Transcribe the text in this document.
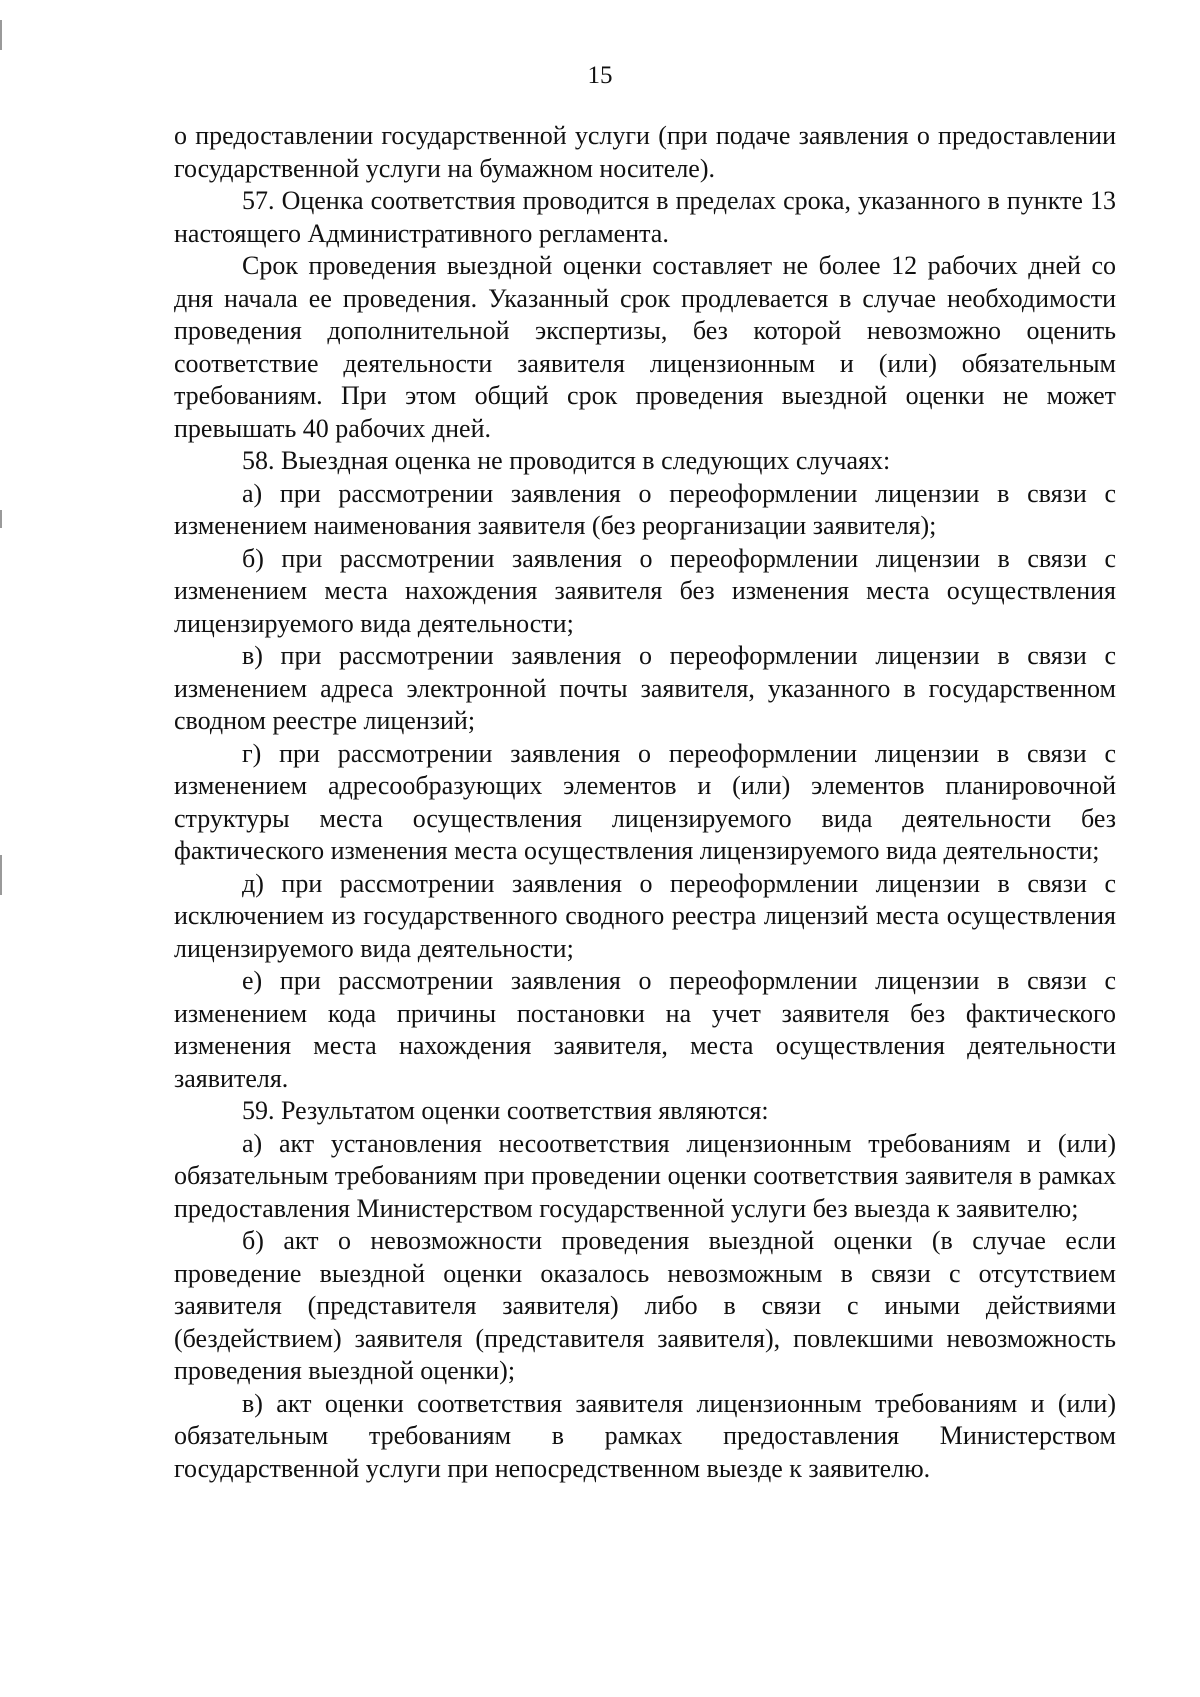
15

о предоставлении государственной услуги (при подаче заявления о предоставлении государственной услуги на бумажном носителе).

57. Оценка соответствия проводится в пределах срока, указанного в пункте 13 настоящего Административного регламента.

Срок проведения выездной оценки составляет не более 12 рабочих дней со дня начала ее проведения. Указанный срок продлевается в случае необходимости проведения дополнительной экспертизы, без которой невозможно оценить соответствие деятельности заявителя лицензионным и (или) обязательным требованиям. При этом общий срок проведения выездной оценки не может превышать 40 рабочих дней.

58. Выездная оценка не проводится в следующих случаях:

а) при рассмотрении заявления о переоформлении лицензии в связи с изменением наименования заявителя (без реорганизации заявителя);

б) при рассмотрении заявления о переоформлении лицензии в связи с изменением места нахождения заявителя без изменения места осуществления лицензируемого вида деятельности;

в) при рассмотрении заявления о переоформлении лицензии в связи с изменением адреса электронной почты заявителя, указанного в государственном сводном реестре лицензий;

г) при рассмотрении заявления о переоформлении лицензии в связи с изменением адресообразующих элементов и (или) элементов планировочной структуры места осуществления лицензируемого вида деятельности без фактического изменения места осуществления лицензируемого вида деятельности;

д) при рассмотрении заявления о переоформлении лицензии в связи с исключением из государственного сводного реестра лицензий места осуществления лицензируемого вида деятельности;

е) при рассмотрении заявления о переоформлении лицензии в связи с изменением кода причины постановки на учет заявителя без фактического изменения места нахождения заявителя, места осуществления деятельности заявителя.

59. Результатом оценки соответствия являются:

а) акт установления несоответствия лицензионным требованиям и (или) обязательным требованиям при проведении оценки соответствия заявителя в рамках предоставления Министерством государственной услуги без выезда к заявителю;

б) акт о невозможности проведения выездной оценки (в случае если проведение выездной оценки оказалось невозможным в связи с отсутствием заявителя (представителя заявителя) либо в связи с иными действиями (бездействием) заявителя (представителя заявителя), повлекшими невозможность проведения выездной оценки);

в) акт оценки соответствия заявителя лицензионным требованиям и (или) обязательным требованиям в рамках предоставления Министерством государственной услуги при непосредственном выезде к заявителю.
